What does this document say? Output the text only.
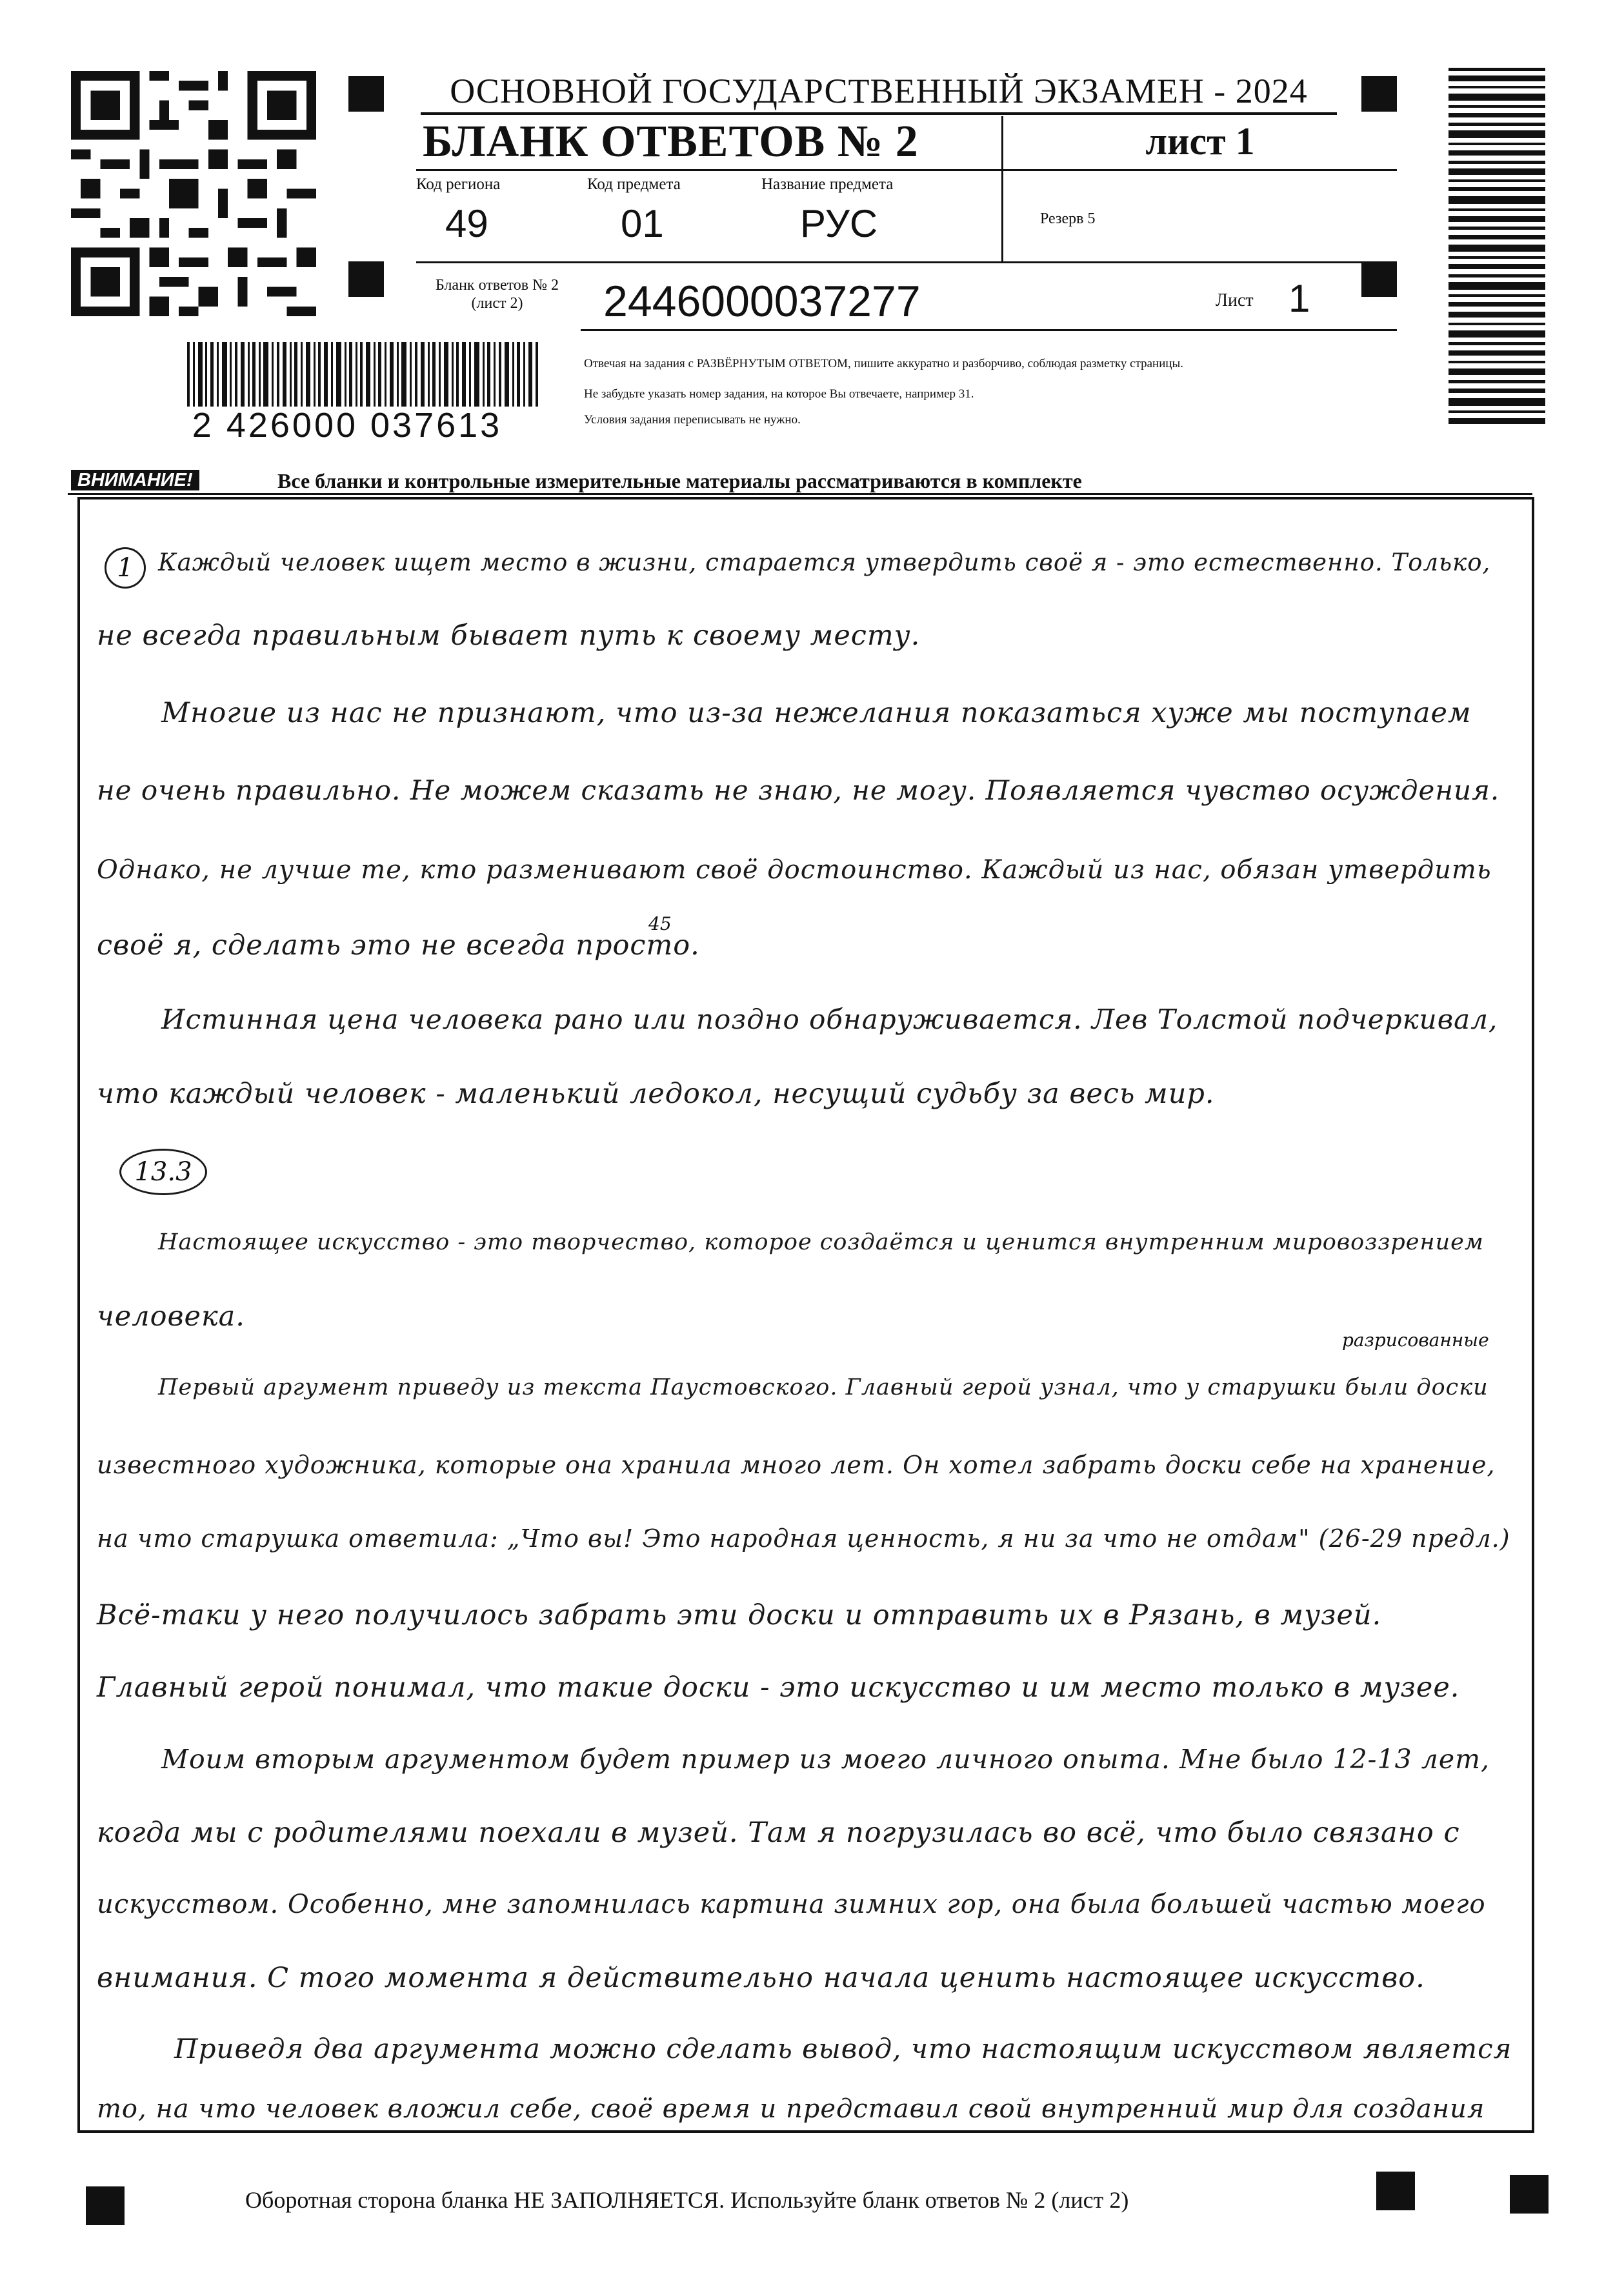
2 426000 037613
ОСНОВНОЙ ГОСУДАРСТВЕННЫЙ ЭКЗАМЕН - 2024
БЛАНК ОТВЕТОВ № 2	лист 1
Код региона
49
Код предмета
01
Название предмета
РУС	Резерв 5
Бланк ответов № 2
(лист 2)	2446000037277	Лист 1
Отвечая на задания с РАЗВЁРНУТЫМ ОТВЕТОМ, пишите аккуратно и разборчиво, соблюдая разметку страницы.
Не забудьте указать номер задания, на которое Вы отвечаете, например 31.
Условия задания переписывать не нужно.
ВНИМАНИЕ!	Все бланки и контрольные измерительные материалы рассматриваются в комплекте
1	Каждый человек ищет место в жизни, старается утвердить своё я - это естественно. Только,
не всегда правильным бывает путь к своему месту.
Многие из нас не признают, что из-за нежелания показаться хуже мы поступаем
не очень правильно. Не можем сказать не знаю, не могу. Появляется чувство осуждения.
Однако, не лучше те, кто разменивают своё достоинство. Каждый из нас, обязан утвердить
своё я, сделать это не всегда просто.
45
Истинная цена человека рано или поздно обнаруживается. Лев Толстой подчеркивал,
что каждый человек - маленький ледокол, несущий судьбу за весь мир.
13.3
Настоящее искусство - это творчество, которое создаётся и ценится внутренним мировоззрением
человека.
разрисованные
Первый аргумент приведу из текста Паустовского. Главный герой узнал, что у старушки были доски
известного художника, которые она хранила много лет. Он хотел забрать доски себе на хранение,
на что старушка ответила: „Что вы! Это народная ценность, я ни за что не отдам" (26-29 предл.)
Всё-таки у него получилось забрать эти доски и отправить их в Рязань, в музей.
Главный герой понимал, что такие доски - это искусство и им место только в музее.
Моим вторым аргументом будет пример из моего личного опыта. Мне было 12-13 лет,
когда мы с родителями поехали в музей. Там я погрузилась во всё, что было связано с
искусством. Особенно, мне запомнилась картина зимних гор, она была большей частью моего
внимания. С того момента я действительно начала ценить настоящее искусство.
Приведя два аргумента можно сделать вывод, что настоящим искусством является
то, на что человек вложил себе, своё время и представил свой внутренний мир для создания
Оборотная сторона бланка НЕ ЗАПОЛНЯЕТСЯ. Используйте бланк ответов № 2 (лист 2)
